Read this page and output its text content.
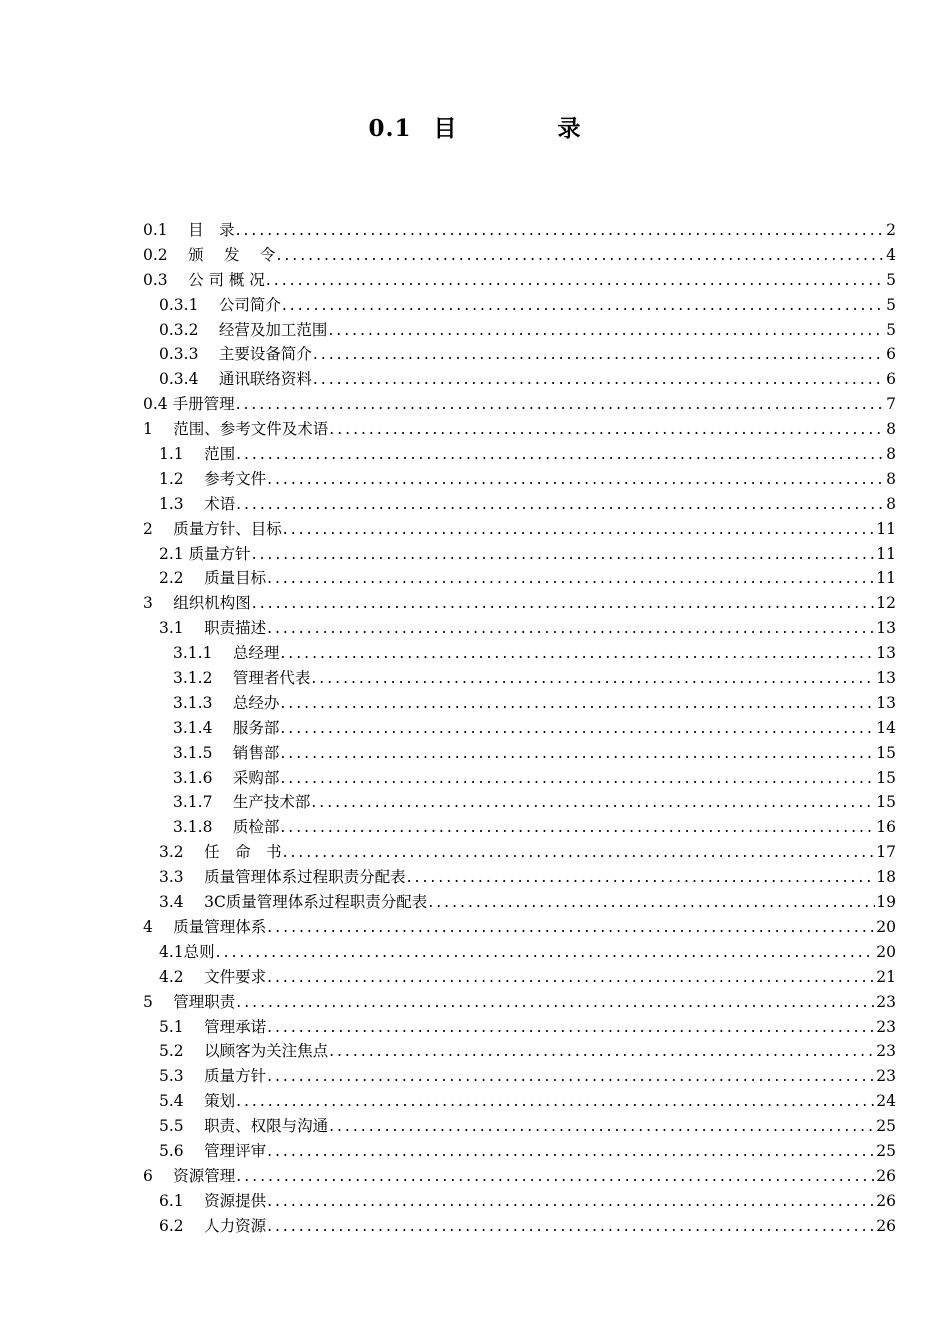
0.1 目	录
0.1　 目　录 .....	2
0.2　 颁　 发　 令 .....	4
0.3　 公 司 概 况 .....	5
0.3.1　 公司简介 .....	5
0.3.2　 经营及加工范围 .....	5
0.3.3　 主要设备简介 .....	6
0.3.4　 通讯联络资料 .....	6
0.4 手册管理 .....	7
1　 范围、参考文件及术语 .....	8
1.1　 范围 .....	8
1.2　 参考文件 .....	8
1.3　 术语 .....	8
2　 质量方针、目标 .....	11
2.1 质量方针 .....	11
2.2　 质量目标 .....	11
3　 组织机构图 .....	12
3.1　 职责描述 .....	13
3.1.1　 总经理 .....	13
3.1.2　 管理者代表 .....	13
3.1.3　 总经办 .....	13
3.1.4　 服务部 .....	14
3.1.5　 销售部 .....	15
3.1.6　 采购部 .....	15
3.1.7　 生产技术部 .....	15
3.1.8　 质检部 .....	16
3.2　 任　命　书 .....	17
3.3　 质量管理体系过程职责分配表 .....	18
3.4　 3C质量管理体系过程职责分配表 .....	19
4　 质量管理体系 .....	20
4.1总则 .....	20
4.2　 文件要求 .....	21
5　 管理职责 .....	23
5.1　 管理承诺 .....	23
5.2　 以顾客为关注焦点 .....	23
5.3　 质量方针 .....	23
5.4　 策划 .....	24
5.5　 职责、权限与沟通 .....	25
5.6　 管理评审 .....	25
6　 资源管理 .....	26
6.1　 资源提供 .....	26
6.2　 人力资源 .....	26
